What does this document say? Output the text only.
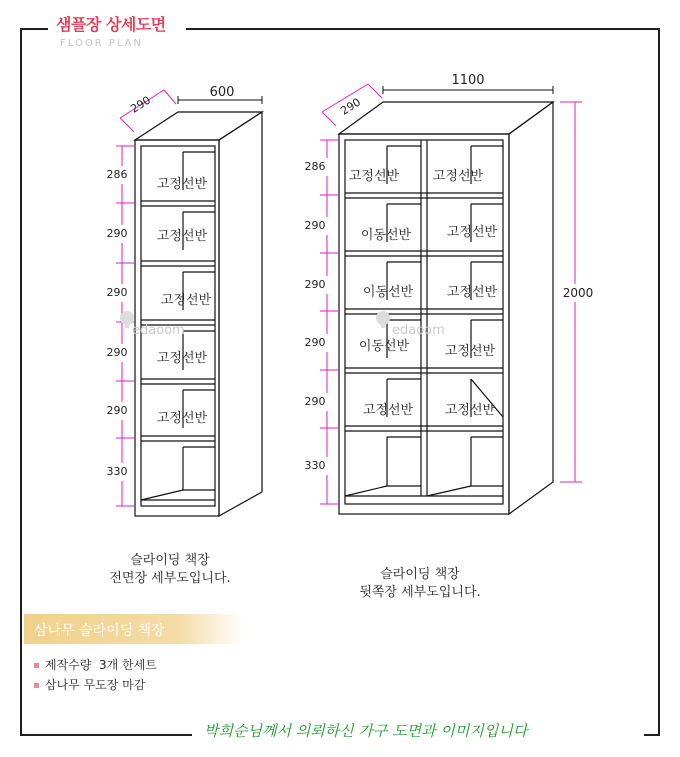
샘플장 상세도면
FLOOR PLAN
600
1100
290	290
2000
286
290
290
290
290
330
286
290
290
290
290
330
고정선반
고정선반
고정선반
고정선반
고정선반
고정선반
이동선반
이동선반
이동선반
고정선반
고정선반
고정선반
고정선반
고정선반
고정선반
edaoom	edaoom
슬라이딩 책장
전면장 세부도입니다.	슬라이딩 책장
뒷쪽장 세부도입니다.
삼나무 슬라이딩 책장
제작수량  3개 한세트
삼나무 무도장 마감
박희순님께서 의뢰하신 가구 도면과 이미지입니다
